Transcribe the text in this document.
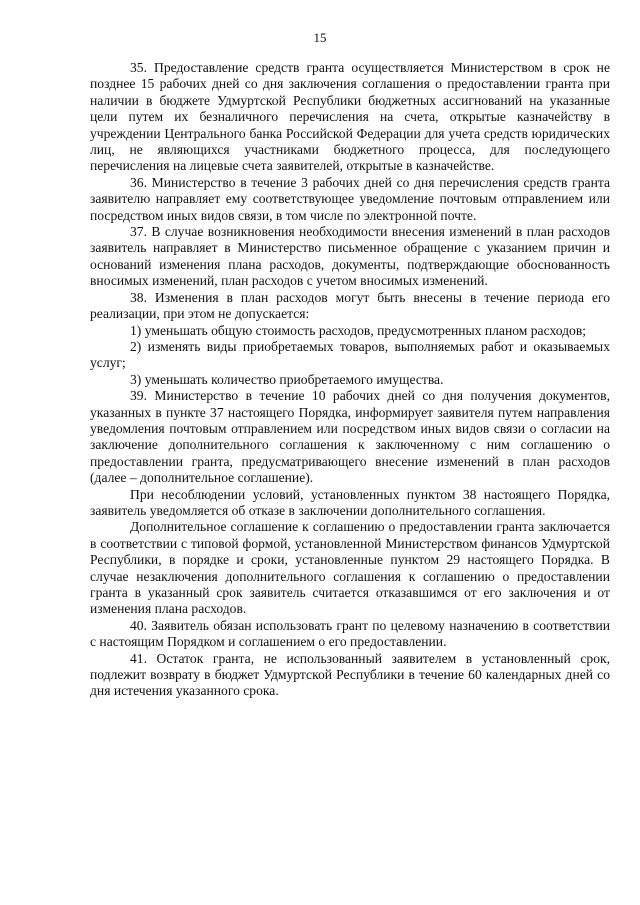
15

35. Предоставление средств гранта осуществляется Министерством в срок не позднее 15 рабочих дней со дня заключения соглашения о предоставлении гранта при наличии в бюджете Удмуртской Республики бюджетных ассигнований на указанные цели путем их безналичного перечисления на счета, открытые казначейству в учреждении Центрального банка Российской Федерации для учета средств юридических лиц, не являющихся участниками бюджетного процесса, для последующего перечисления на лицевые счета заявителей, открытые в казначействе.

36. Министерство в течение 3 рабочих дней со дня перечисления средств гранта заявителю направляет ему соответствующее уведомление почтовым отправлением или посредством иных видов связи, в том числе по электронной почте.

37. В случае возникновения необходимости внесения изменений в план расходов заявитель направляет в Министерство письменное обращение с указанием причин и оснований изменения плана расходов, документы, подтверждающие обоснованность вносимых изменений, план расходов с учетом вносимых изменений.

38. Изменения в план расходов могут быть внесены в течение периода его реализации, при этом не допускается:

1) уменьшать общую стоимость расходов, предусмотренных планом расходов;

2) изменять виды приобретаемых товаров, выполняемых работ и оказываемых услуг;

3) уменьшать количество приобретаемого имущества.

39. Министерство в течение 10 рабочих дней со дня получения документов, указанных в пункте 37 настоящего Порядка, информирует заявителя путем направления уведомления почтовым отправлением или посредством иных видов связи о согласии на заключение дополнительного соглашения к заключенному с ним соглашению о предоставлении гранта, предусматривающего внесение изменений в план расходов (далее – дополнительное соглашение).

При несоблюдении условий, установленных пунктом 38 настоящего Порядка, заявитель уведомляется об отказе в заключении дополнительного соглашения.

Дополнительное соглашение к соглашению о предоставлении гранта заключается в соответствии с типовой формой, установленной Министерством финансов Удмуртской Республики, в порядке и сроки, установленные пунктом 29 настоящего Порядка. В случае незаключения дополнительного соглашения к соглашению о предоставлении гранта в указанный срок заявитель считается отказавшимся от его заключения и от изменения плана расходов.

40. Заявитель обязан использовать грант по целевому назначению в соответствии с настоящим Порядком и соглашением о его предоставлении.

41. Остаток гранта, не использованный заявителем в установленный срок, подлежит возврату в бюджет Удмуртской Республики в течение 60 календарных дней со дня истечения указанного срока.
